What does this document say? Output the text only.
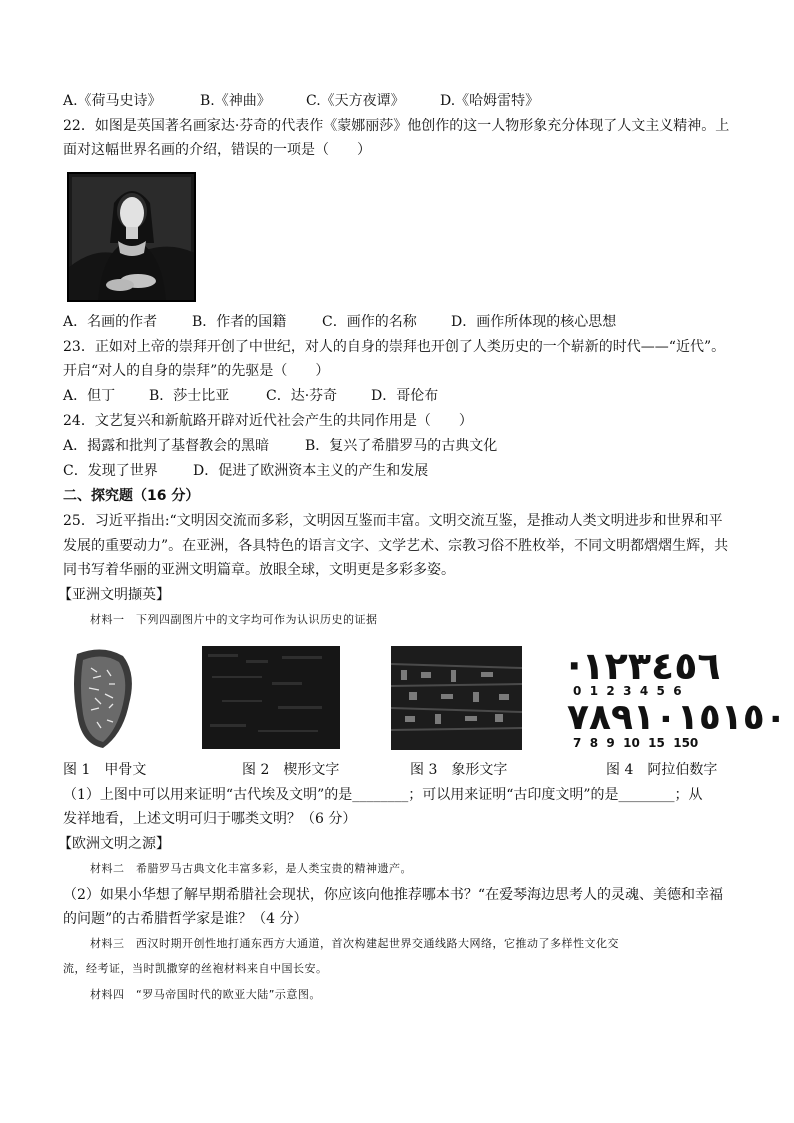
A.《荷马史诗》	B.《神曲》	C.《天方夜谭》	D.《哈姆雷特》
22．如图是英国著名画家达·芬奇的代表作《蒙娜丽莎》他创作的这一人物形象充分体现了人文主义精神。上
面对这幅世界名画的介绍，错误的一项是（　　）
A．名画的作者 B．作者的国籍	C．画作的名称 D．画作所体现的核心思想
23．正如对上帝的崇拜开创了中世纪，对人的自身的崇拜也开创了人类历史的一个崭新的时代——“近代”。
开启“对人的自身的崇拜”的先驱是（　　）
A．但丁 B．莎士比亚	C．达·芬奇 D．哥伦布
24．文艺复兴和新航路开辟对近代社会产生的共同作用是（　　）
A．揭露和批判了基督教会的黑暗	B．复兴了希腊罗马的古典文化
C．发现了世界	D．促进了欧洲资本主义的产生和发展
二、探究题（16 分）
25．习近平指出:“文明因交流而多彩，文明因互鉴而丰富。文明交流互鉴，是推动人类文明进步和世界和平
发展的重要动力”。在亚洲，各具特色的语言文字、文学艺术、宗教习俗不胜枚举，不同文明都熠熠生辉，共
同书写着华丽的亚洲文明篇章。放眼全球，文明更是多彩多姿。
【亚洲文明撷英】
材料一　下列四副图片中的文字均可作为认识历史的证据
·١٢٣٤٥٦
0  1  2  3  4  5  6
٧٨٩١٠١٥١٥٠
7  8  9  10  15  150
图 1　甲骨文	图 2　楔形文字	图 3　象形文字	图 4　阿拉伯数字
（1）上图中可以用来证明“古代埃及文明”的是________；可以用来证明“古印度文明”的是________；从
发祥地看，上述文明可归于哪类文明？（6 分）
【欧洲文明之源】
材料二　希腊罗马古典文化丰富多彩，是人类宝贵的精神遗产。
（2）如果小华想了解早期希腊社会现状，你应该向他推荐哪本书？“在爱琴海边思考人的灵魂、美德和幸福
的问题”的古希腊哲学家是谁？（4 分）
材料三　西汉时期开创性地打通东西方大通道，首次构建起世界交通线路大网络，它推动了多样性文化交
流，经考证，当时凯撒穿的丝袍材料来自中国长安。
材料四　“罗马帝国时代的欧亚大陆”示意图。
